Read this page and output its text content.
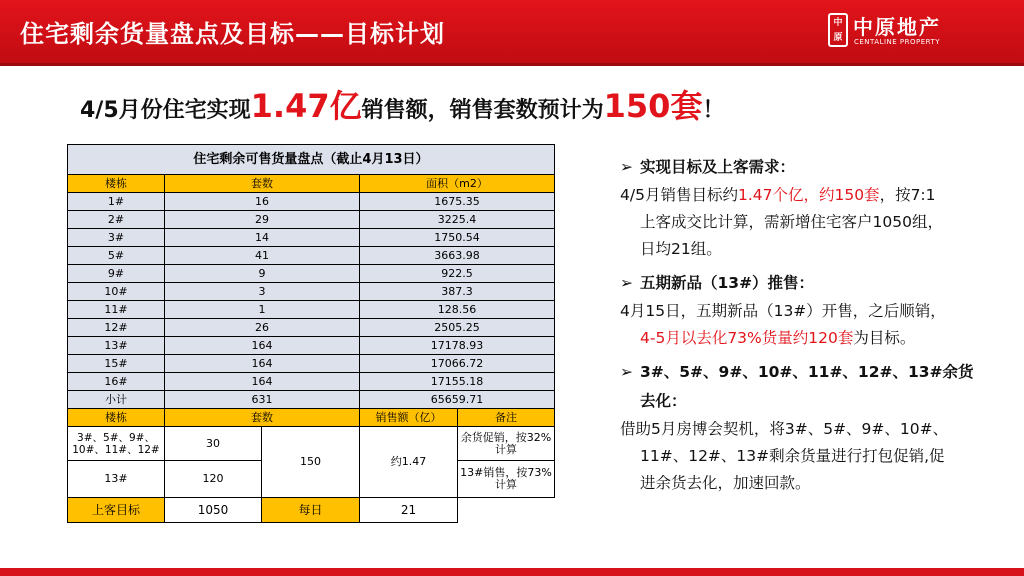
住宅剩余货量盘点及目标——目标计划	中原 中原地产
CENTALINE PROPERTY
4/5月份住宅实现1.47亿销售额，销售套数预计为150套！
住宅剩余可售货量盘点（截止4月13日）				
楼栋	套数		面积（m2）	
1#	16		1675.35	
2#	29		3225.4	
3#	14		1750.54	
5#	41		3663.98	
9#	9		922.5	
10#	3		387.3	
11#	1		128.56	
12#	26		2505.25	
13#	164		17178.93	
15#	164		17066.72	
16#	164		17155.18	
小计	631		65659.71	
楼栋	套数		销售额（亿）	备注
3#、5#、9#、10#、11#、12#	30	150	约1.47	余货促销，按32%计算
13#	120			13#销售，按73%计算
上客目标	1050	每日	21	
➢ 实现目标及上客需求：
4/5月销售目标约1.47个亿，约150套，按7:1
上客成交比计算，需新增住宅客户1050组，
日均21组。
➢ 五期新品（13#）推售：
4月15日，五期新品（13#）开售，之后顺销，
4-5月以去化73%货量约120套为目标。
➢ 3#、5#、9#、10#、11#、12#、13#余货
去化：
借助5月房博会契机，将3#、5#、9#、10#、
11#、12#、13#剩余货量进行打包促销,促
进余货去化，加速回款。
